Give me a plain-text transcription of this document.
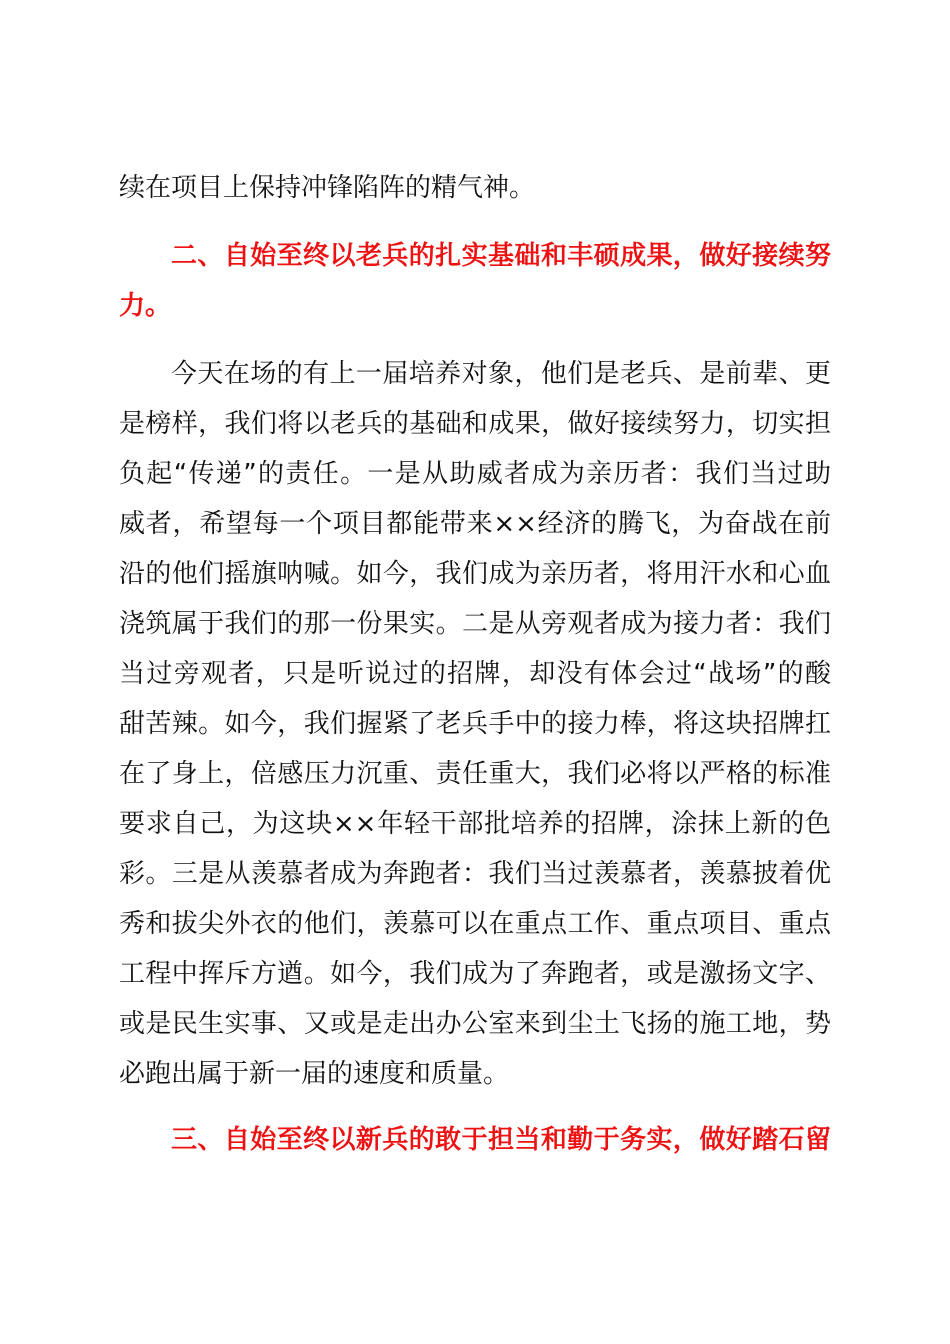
续在项目上保持冲锋陷阵的精气神。
二、自始至终以老兵的扎实基础和丰硕成果，做好接续努
力。
今天在场的有上一届培养对象，他们是老兵、是前辈、更
是榜样，我们将以老兵的基础和成果，做好接续努力，切实担
负起“传递”的责任。一是从助威者成为亲历者：我们当过助
威者，希望每一个项目都能带来××经济的腾飞，为奋战在前
沿的他们摇旗呐喊。如今，我们成为亲历者，将用汗水和心血
浇筑属于我们的那一份果实。二是从旁观者成为接力者：我们
当过旁观者，只是听说过的招牌，却没有体会过“战场”的酸
甜苦辣。如今，我们握紧了老兵手中的接力棒，将这块招牌扛
在了身上，倍感压力沉重、责任重大，我们必将以严格的标准
要求自己，为这块××年轻干部批培养的招牌，涂抹上新的色
彩。三是从羡慕者成为奔跑者：我们当过羡慕者，羡慕披着优
秀和拔尖外衣的他们，羡慕可以在重点工作、重点项目、重点
工程中挥斥方遒。如今，我们成为了奔跑者，或是激扬文字、
或是民生实事、又或是走出办公室来到尘土飞扬的施工地，势
必跑出属于新一届的速度和质量。
三、自始至终以新兵的敢于担当和勤于务实，做好踏石留
